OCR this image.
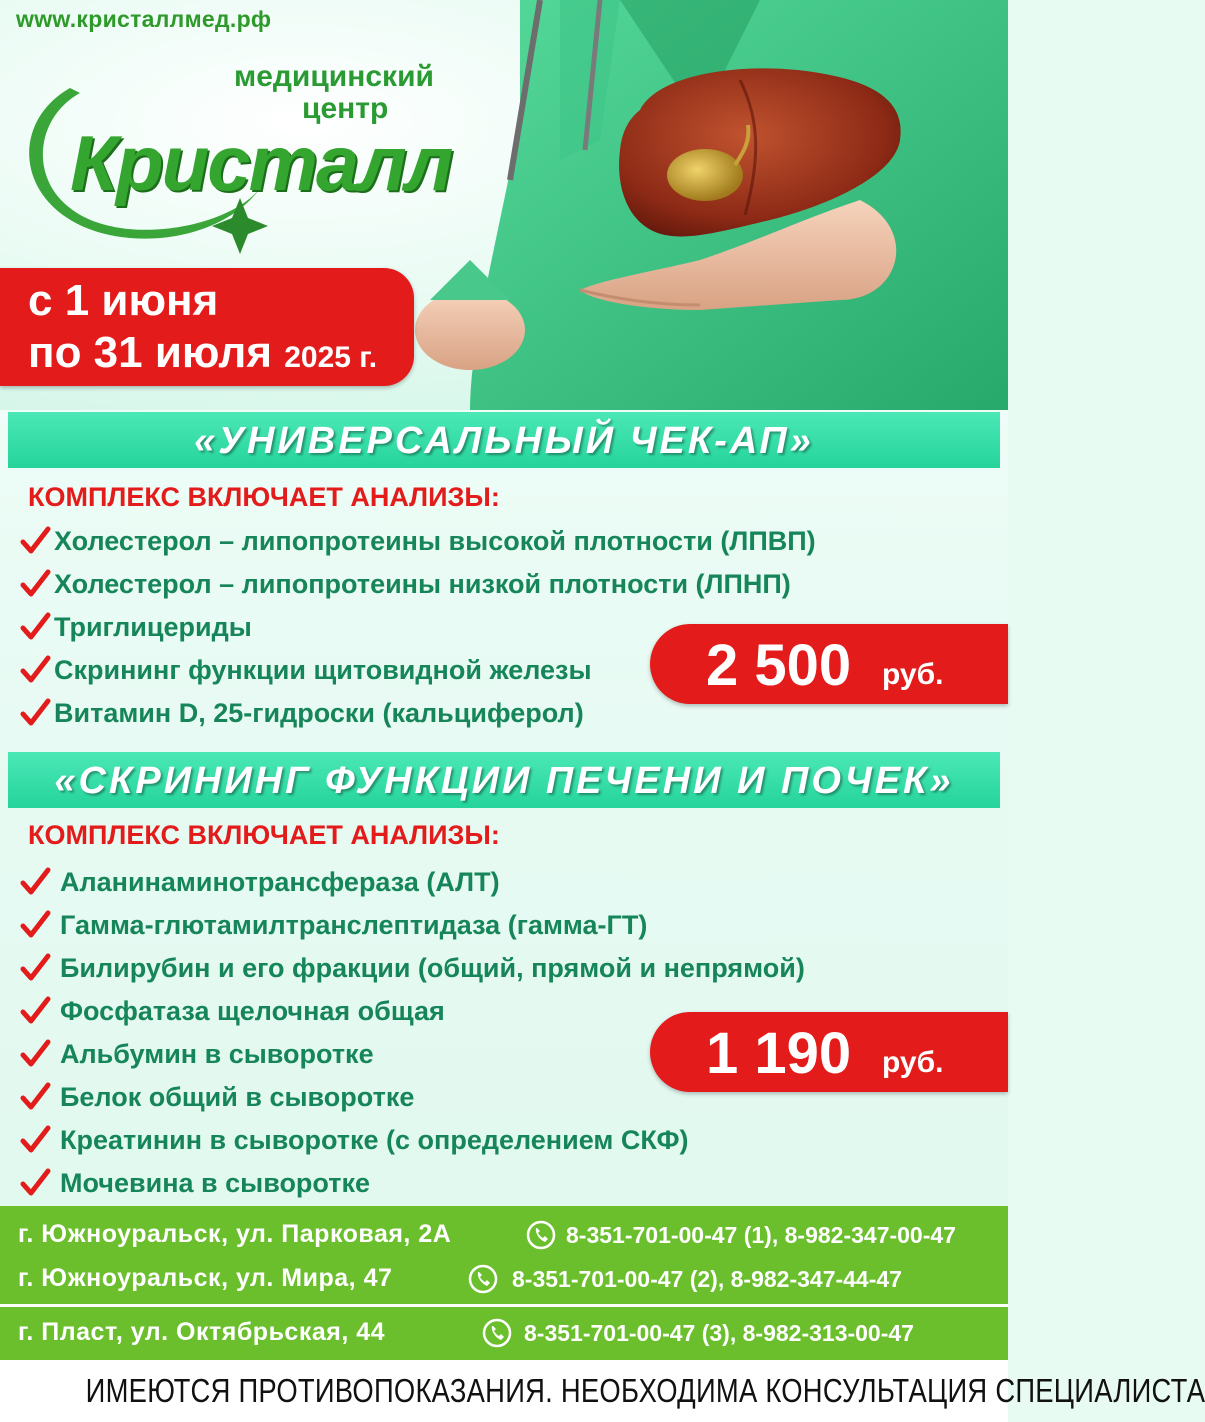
www.кристаллмед.рф
медицинский
центр
Кристалл
с 1 июня
по 31 июля 2025 г.
«УНИВЕРСАЛЬНЫЙ ЧЕК-АП»
КОМПЛЕКС ВКЛЮЧАЕТ АНАЛИЗЫ:
Холестерол – липопротеины высокой плотности (ЛПВП)
Холестерол – липопротеины низкой плотности (ЛПНП)
Триглицериды
Скрининг функции щитовидной железы
Витамин D, 25-гидроски (кальциферол)
2 500 руб.
«СКРИНИНГ ФУНКЦИИ ПЕЧЕНИ И ПОЧЕК»
КОМПЛЕКС ВКЛЮЧАЕТ АНАЛИЗЫ:
Аланинаминотрансфераза (АЛТ)
Гамма-глютамилтранслептидаза (гамма-ГТ)
Билирубин и его фракции (общий, прямой и непрямой)
Фосфатаза щелочная общая
Альбумин в сыворотке
Белок общий в сыворотке
Креатинин в сыворотке (с определением СКФ)
Мочевина в сыворотке
1 190 руб.
г. Южноуральск, ул. Парковая, 2А	8-351-701-00-47 (1), 8-982-347-00-47
г. Южноуральск, ул. Мира, 47	8-351-701-00-47 (2), 8-982-347-44-47
г. Пласт, ул. Октябрьская, 44	8-351-701-00-47 (3), 8-982-313-00-47
ИМЕЮТСЯ ПРОТИВОПОКАЗАНИЯ. НЕОБХОДИМА КОНСУЛЬТАЦИЯ СПЕЦИАЛИСТА
